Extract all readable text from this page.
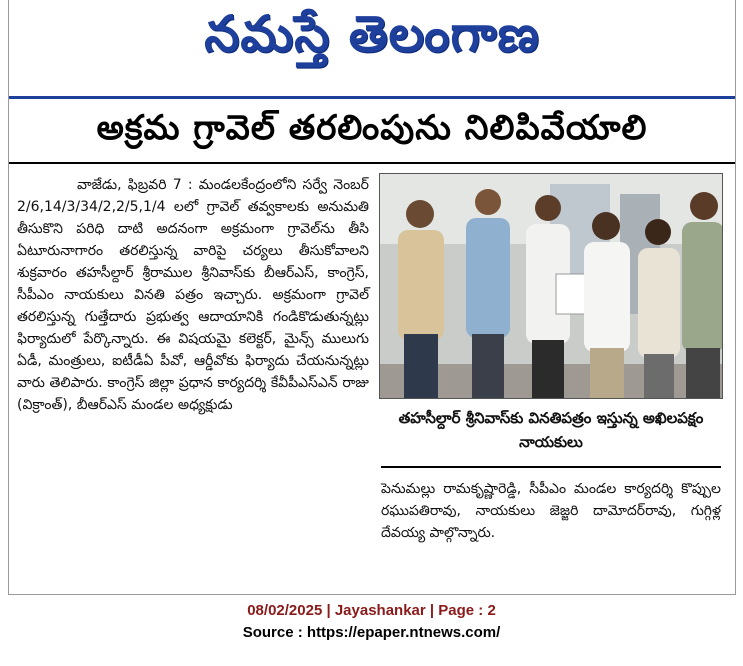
నమస్తే తెలంగాణ
అక్రమ గ్రావెల్ తరలింపును నిలిపివేయాలి

వాజేడు, ఫిబ్రవరి 7 : మండలకేంద్రంలోని సర్వే నెంబర్ 2/6,14/3/34/2,2/5,1/4 లలో గ్రావెల్ తవ్వకాలకు అనుమతి తీసుకొని పరిధి దాటి అదనంగా అక్రమంగా గ్రావెల్‌ను తీసి ఏటూరునాగారం తరలిస్తున్న వారిపై చర్యలు తీసుకోవాలని శుక్రవారం తహసీల్దార్ శ్రీరాముల శ్రీనివాస్‌కు బీఆర్ఎస్, కాంగ్రెస్, సీపీఎం నాయకులు వినతి పత్రం ఇచ్చారు. అక్రమంగా గ్రావెల్ తరలిస్తున్న గుత్తేదారు ప్రభుత్వ ఆదాయానికి గండికొడుతున్నట్లు ఫిర్యాదులో పేర్కొన్నారు. ఈ విషయమై కలెక్టర్, మైన్స్ ములుగు ఏడీ, మంత్రులు, ఐటీడీఏ పీవో, ఆర్డీవోకు ఫిర్యాదు చేయనున్నట్లు వారు తెలిపారు. కాంగ్రెస్ జిల్లా ప్రధాన కార్యదర్శి కేవీపీఎస్ఎన్ రాజు (విక్రాంత్), బీఆర్ఎస్ మండల అధ్యక్షుడు

తహసీల్దార్ శ్రీనివాస్‌కు వినతిపత్రం ఇస్తున్న అఖిలపక్షం నాయకులు

పెనుమల్లు రామకృష్ణారెడ్డి, సీపీఎం మండల కార్యదర్శి కొప్పుల రఘుపతిరావు, నాయకులు జెజ్జరి దామోదర్‌రావు, గుగ్గిళ్ల దేవయ్య పాల్గొన్నారు.

08/02/2025 | Jayashankar | Page : 2
Source : https://epaper.ntnews.com/
